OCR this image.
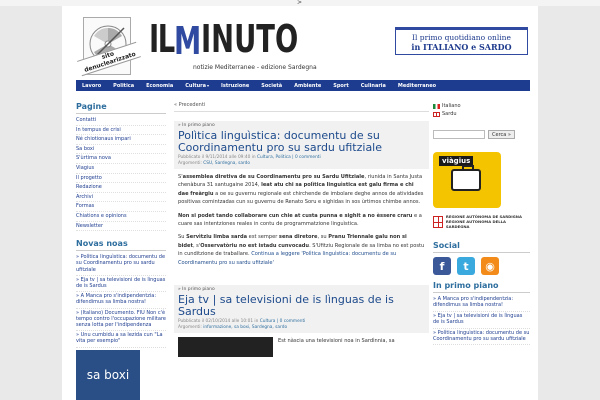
>
sito denuclearizzato
IL M INUTO
notizie Mediterranee - edizione Sardegna
Il primo quotidiano online
in ITALIANO e SARDO
Lavoro	Politica	Economia	Cultura▾	Istruzione	Società	Ambiente	Sport	Culinaria	Mediterraneo
Pagine
Contatti
In tempus de crisi
Né chiotionaus impari
Sa boxi
S'ùrtima nova
Viagius
Il progetto
Redazione
Archivi
Formas
Chiations e opinions
Newsletter
Novas noas
» Polìtica linguìstica: documentu de su Coordinamentu pro su sardu ufitziale
» Eja tv | sa televisioni de is lìnguas de is Sardus
» A Manca pro s'indipendentzia: difendimus sa limba nostra!
» (Italiano) Documento. FIU Non c'è tempo contro l'occupazione militare senza lotta per l'indipendenza
» Unu cumbidu a sa lezida cun "La vita per esempio"
sa boxi
« Precedenti
» In primo piano
Polìtica linguìstica: documentu de su Coordinamentu pro su sardu ufitziale
Pubblicato il 9/11/2014 alle 09:40 in Cultura, Politica | 0 commenti
Argomenti: CSU, Sardegna, sardo

S'assemblea diretiva de su Coordinamentu pro su Sardu Ufitziale, riunida in Santa Justa chenàbura 31 santugaine 2014, leat atu chi sa polìtica linguìstica est galu firma e chi dae freàrgiu a oe su guvernu regionale est chirchende de imbolare deghe annos de atividades positivas comintzadas cun su guvernu de Renato Soru e sighidas in sos ùrtimos chimbe annos.

Non si podet tando collaborare cun chie at custa punna e sighit a no èssere craru e a cuare sas intentziones reales in contu de programmatzione linguìstica.

Su Servìtziu limba sarda est semper sena diretore, su Pranu Triennale galu non si bidet, s'Osservatòriu no est istadu cunvocadu. S'Ufitziu Regionale de sa limba no est postu in cunditzione de traballare. Continua a leggere 'Polìtica linguìstica: documentu de su Coordinamentu pro su sardu ufitziale'

» In primo piano
Eja tv | sa televisioni de is lìnguas de is Sardus
Pubblicato il 02/10/2014 alle 10:01 in Cultura | 0 commenti
Argomenti: informazione, sa boxi, Sardegna, sardo
Est nàscia una televisioni noa in Sardìnnia, sa
Italiano
Sardu
Cerca »
viàgius
REGIONE AUTÒNOMA DE SARDIGNA
REGIONE AUTONOMA DELLA SARDEGNA
Social
f	t	◉
In primo piano
» A Manca pro s'indipendentzia: difendimus sa limba nostra!
» Eja tv | sa televisioni de is lìnguas de is Sardus
» Polìtica linguìstica: documentu de su Coordinamentu pro su sardu ufitziale
